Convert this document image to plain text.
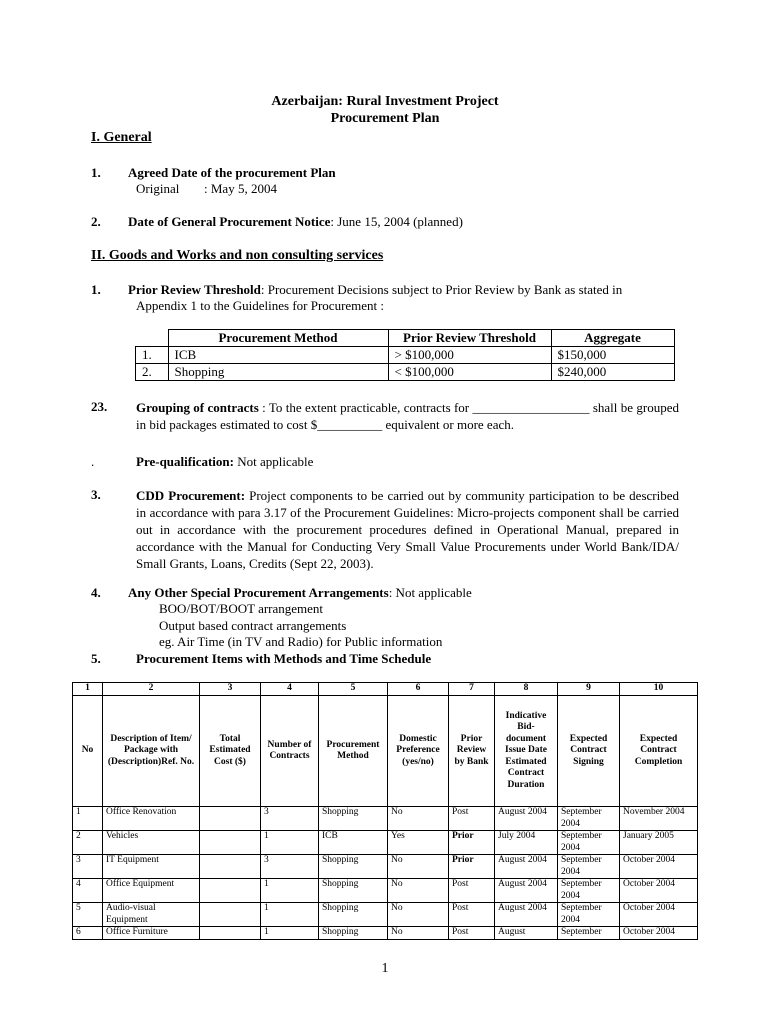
Azerbaijan: Rural Investment Project
Procurement Plan
I. General
1. Agreed Date of the procurement Plan
Original : May 5, 2004
2. Date of General Procurement Notice: June 15, 2004 (planned)
II. Goods and Works and non consulting services
1. Prior Review Threshold: Procurement Decisions subject to Prior Review by Bank as stated in
Appendix 1 to the Guidelines for Procurement :
	Procurement Method	Prior Review Threshold	Aggregate
1.	ICB	> $100,000	$150,000
2.	Shopping	< $100,000	$240,000
23. Grouping of contracts : To the extent practicable, contracts for __________________ shall be grouped in bid packages estimated to cost $__________ equivalent or more each.
.	Pre-qualification: Not applicable
3.	CDD Procurement: Project components to be carried out by community participation to be described in accordance with para 3.17 of the Procurement Guidelines: Micro-projects component shall be carried out in accordance with the procurement procedures defined in Operational Manual, prepared in accordance with the Manual for Conducting Very Small Value Procurements under World Bank/IDA/ Small Grants, Loans, Credits (Sept 22, 2003).
4. Any Other Special Procurement Arrangements: Not applicable
BOO/BOT/BOOT arrangement
Output based contract arrangements
eg. Air Time (in TV and Radio) for Public information
5.	Procurement Items with Methods and Time Schedule
1	2	3	4	5	6	7	8	9	10
No	Description of Item/ Package with (Description)Ref. No.	Total Estimated Cost ($)	Number of Contracts	Procurement Method	Domestic Preference (yes/no)	Prior Review by Bank	Indicative Bid-document Issue Date Estimated Contract Duration	Expected Contract Signing	Expected Contract Completion
1	Office Renovation		3	Shopping	No	Post	August 2004	September 2004	November 2004
2	Vehicles		1	ICB	Yes	Prior	July 2004	September 2004	January 2005
3	IT Equipment		3	Shopping	No	Prior	August 2004	September 2004	October 2004
4	Office Equipment		1	Shopping	No	Post	August 2004	September 2004	October 2004
5	Audio-visual Equipment		1	Shopping	No	Post	August 2004	September 2004	October 2004
6	Office Furniture		1	Shopping	No	Post	August	September	October 2004
1
